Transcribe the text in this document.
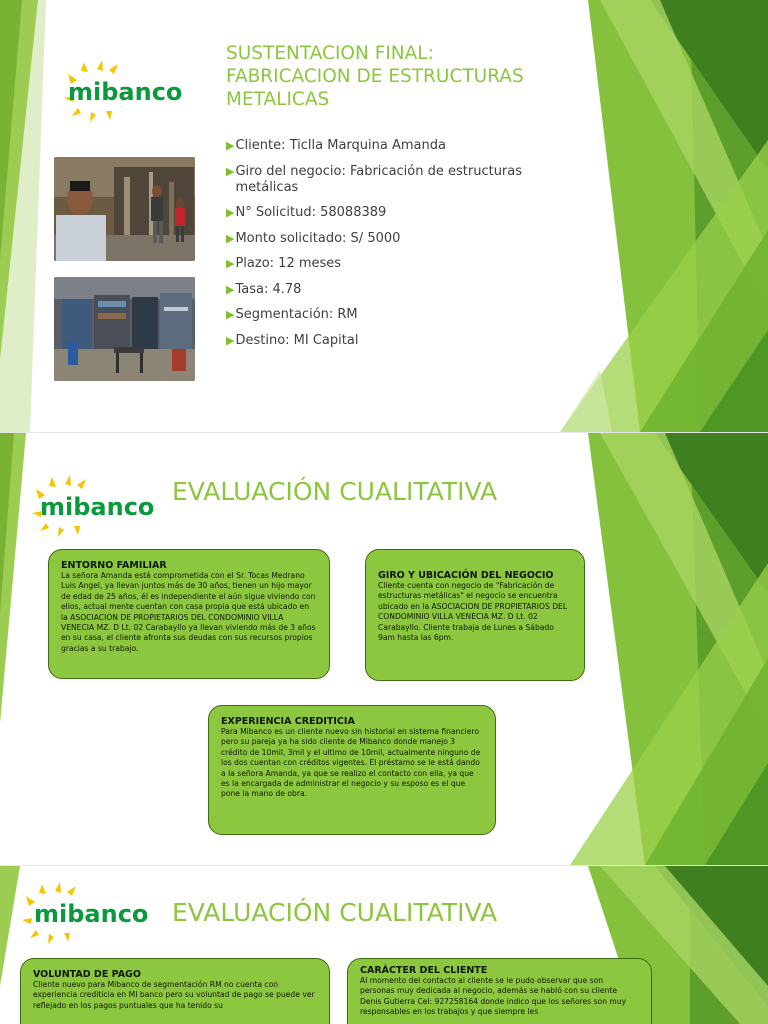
mibanco
SUSTENTACION FINAL:
FABRICACION DE ESTRUCTURAS
METALICAS
▶ Cliente: Ticlla Marquina Amanda
▶ Giro del negocio: Fabricación de estructuras metálicas
▶ N° Solicitud: 58088389
▶ Monto solicitado: S/ 5000
▶ Plazo: 12 meses
▶ Tasa: 4.78
▶ Segmentación: RM
▶ Destino: MI Capital
mibanco
EVALUACIÓN CUALITATIVA
ENTORNO FAMILIAR

La señora Amanda está comprometida con el Sr. Tocas Medrano Luis Angel, ya llevan juntos más de 30 años, tienen un hijo mayor de edad de 25 años, él es independiente el aún sigue viviendo con ellos, actual mente cuentan con casa propia que está ubicado en la ASOCIACION DE PROPIETARIOS DEL CONDOMINIO VILLA VENECIA MZ. D Lt. 02 Carabayllo ya llevan viviendo más de 3 años en su casa, el cliente afronta sus deudas con sus recursos propios gracias a su trabajo.

GIRO Y UBICACIÓN DEL NEGOCIO

Cliente cuenta con negocio de "Fabricación de estructuras metálicas" el negocio se encuentra ubicado en la ASOCIACION DE PROPIETARIOS DEL CONDOMINIO VILLA VENECIA MZ. D Lt. 02 Carabayllo. Cliente trabaja de Lunes a Sábado 9am hasta las 6pm.

EXPERIENCIA CREDITICIA

Para Mibanco es un cliente nuevo sin historial en sistema financiero pero su pareja ya ha sido cliente de Mibanco donde manejo 3 crédito de 10mil, 3mil y el ultimo de 10mil, actualmente ninguno de los dos cuentan con créditos vigentes. El préstamo se le está dando a la señora Amanda, ya que se realizo el contacto con ella, ya que es la encargada de administrar el negocio y su esposo es el que pone la mano de obra.

mibanco EVALUACIÓN CUALITATIVA
VOLUNTAD DE PAGO

Cliente nuevo para Mibanco de segmentación RM no cuenta con experiencia crediticia en MI banco pero su voluntad de pago se puede ver reflejado en los pagos puntuales que ha tenido su

CARÁCTER DEL CLIENTE

Al momento del contacto al cliente se le pudo observar que son personas muy dedicada al negocio, además se habló con su cliente Denis Gutierra Cel: 927258164 donde indico que los señores son muy responsables en los trabajos y que siempre les
